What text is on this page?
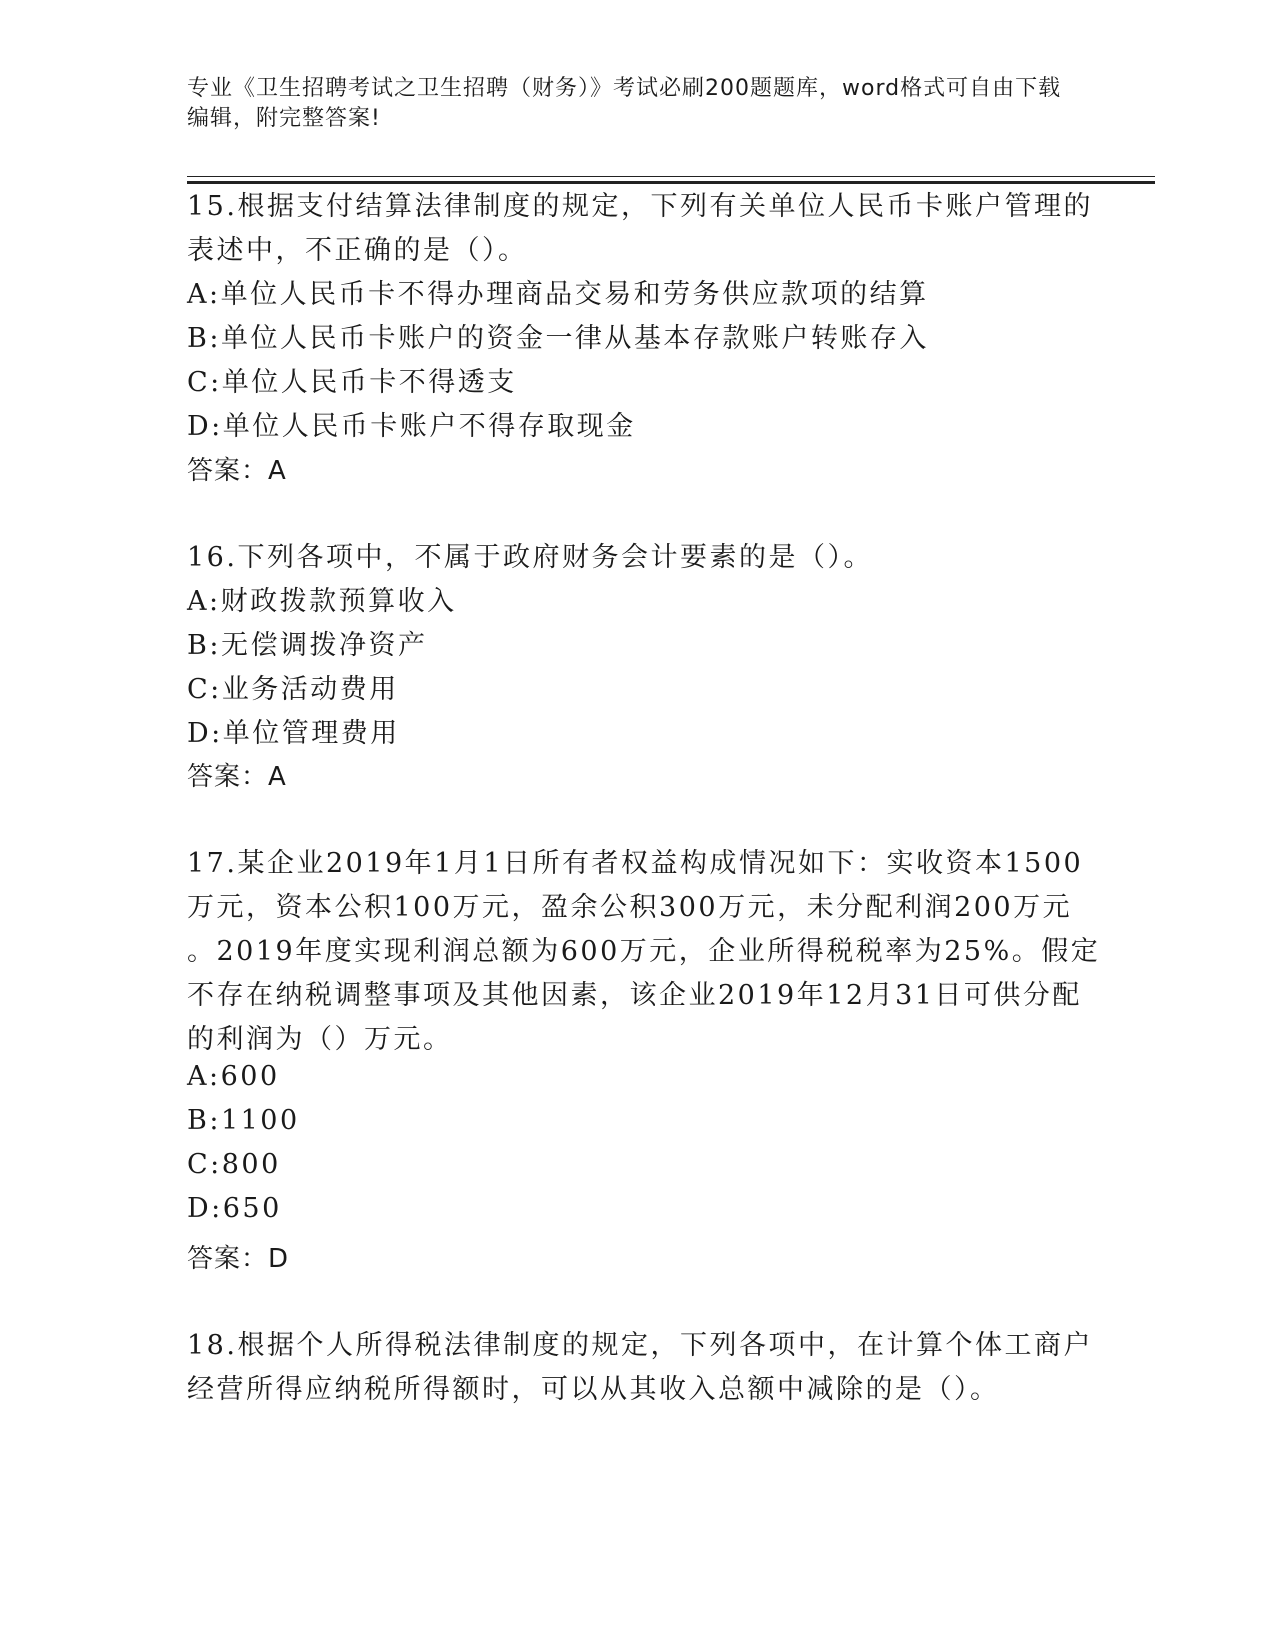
专业《卫生招聘考试之卫生招聘（财务）》考试必刷200题题库，word格式可自由下载编辑，附完整答案!
15.根据支付结算法律制度的规定，下列有关单位人民币卡账户管理的
表述中，不正确的是（）。
A:单位人民币卡不得办理商品交易和劳务供应款项的结算
B:单位人民币卡账户的资金一律从基本存款账户转账存入
C:单位人民币卡不得透支
D:单位人民币卡账户不得存取现金
答案：A
16.下列各项中，不属于政府财务会计要素的是（）。
A:财政拨款预算收入
B:无偿调拨净资产
C:业务活动费用
D:单位管理费用
答案：A
17.某企业2019年1月1日所有者权益构成情况如下：实收资本1500
万元，资本公积100万元，盈余公积300万元，未分配利润200万元
。2019年度实现利润总额为600万元，企业所得税税率为25%。假定
不存在纳税调整事项及其他因素，该企业2019年12月31日可供分配
的利润为（）万元。
A:600
B:1100
C:800
D:650
答案：D
18.根据个人所得税法律制度的规定，下列各项中，在计算个体工商户
经营所得应纳税所得额时，可以从其收入总额中减除的是（）。
